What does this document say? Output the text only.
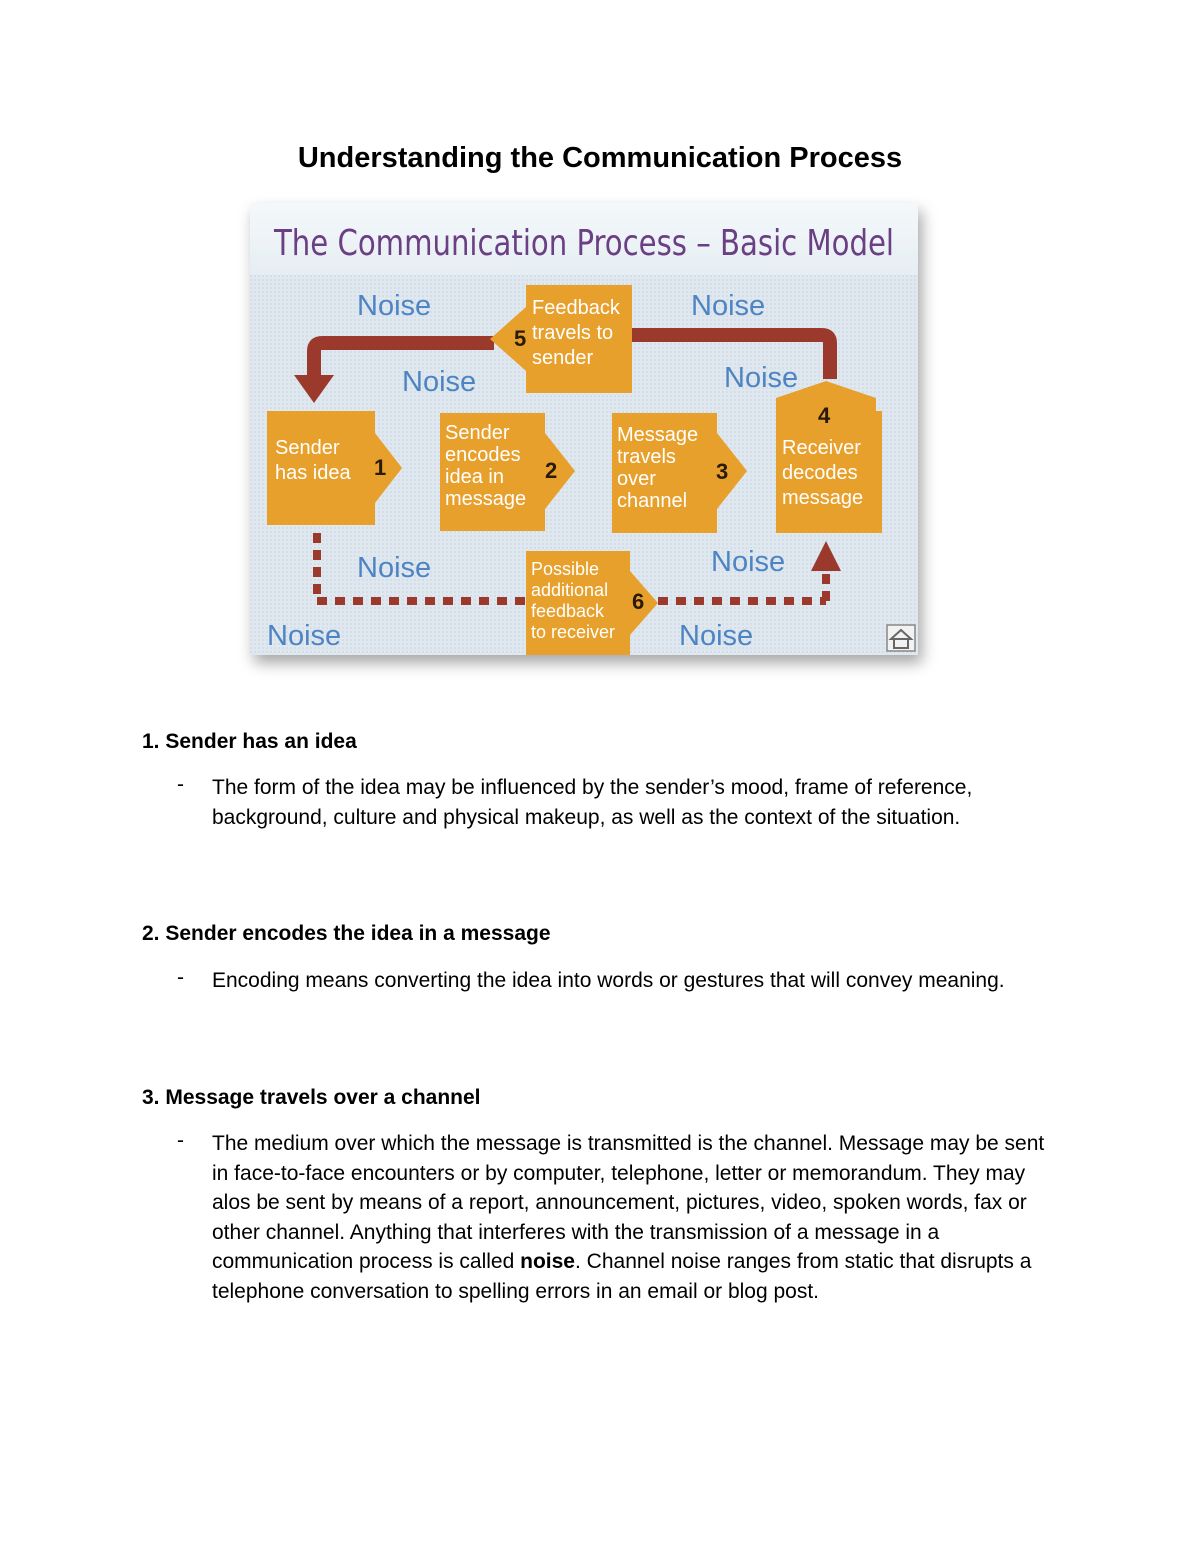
Understanding the Communication Process
The Communication Process – Basic Model
Sender has idea 1
Sender encodes idea in message
2
Message travels over channel
3
4
Receiver decodes message
5
Feedback travels to sender
Possible additional feedback to receiver
6
Noise	Noise
Noise	Noise
Noise	Noise
Noise	Noise
1. Sender has an idea
- The form of the idea may be influenced by the sender’s mood, frame of reference, background, culture and physical makeup, as well as the context of the situation.

2. Sender encodes the idea in a message
- Encoding means converting the idea into words or gestures that will convey meaning.

3. Message travels over a channel
- The medium over which the message is transmitted is the channel. Message may be sent in face-to-face encounters or by computer, telephone, letter or memorandum. They may alos be sent by means of a report, announcement, pictures, video, spoken words, fax or other channel. Anything that interferes with the transmission of a message in a communication process is called noise. Channel noise ranges from static that disrupts a telephone conversation to spelling errors in an email or blog post.
